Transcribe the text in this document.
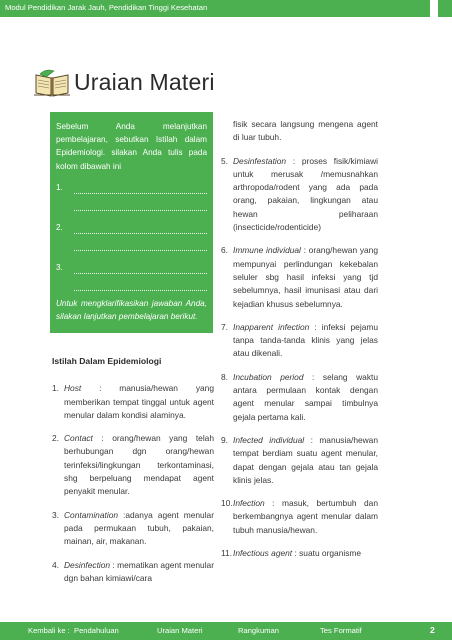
Modul Pendidikan Jarak Jauh, Pendidikan Tinggi Kesehatan
Uraian Materi

Sebelum Anda melanjutkan pembelajaran, sebutkan Istilah dalam Epidemiologi. silakan Anda tulis pada kolom dibawah ini

1.
2.
3.

Untuk mengklarifikasikan jawaban Anda, silakan lanjutkan pembelajaran berikut.

Istilah Dalam Epidemiologi
1. Host : manusia/hewan yang memberikan tempat tinggal untuk agent menular dalam kondisi alaminya.
2. Contact : orang/hewan yang telah berhubungan dgn orang/hewan terinfeksi/lingkungan terkontaminasi, shg berpeluang mendapat agent penyakit menular.
3. Contamination :adanya agent menular pada permukaan tubuh, pakaian, mainan, air, makanan.
4. Desinfection : mematikan agent menular dgn bahan kimiawi/cara

fisik secara langsung mengena agent di luar tubuh.

5. Desinfestation : proses fisik/kimiawi untuk merusak /memusnahkan arthropoda/rodent yang ada pada orang, pakaian, lingkungan atau hewan peliharaan (insecticide/rodenticide)
6. Immune individual : orang/hewan yang mempunyai perlindungan kekebalan seluler sbg hasil infeksi yang tjd sebelumnya, hasil imunisasi atau dari kejadian khusus sebelumnya.
7. Inapparent infection : infeksi pejamu tanpa tanda-tanda klinis yang jelas atau dikenali.
8. Incubation period : selang waktu antara permulaan kontak dengan agent menular sampai timbulnya gejala pertama kali.
9. Infected individual : manusia/hewan tempat berdiam suatu agent menular, dapat dengan gejala atau tan gejala klinis jelas.
10. Infection : masuk, bertumbuh dan berkembangnya agent menular dalam tubuh manusia/hewan.
11. Infectious agent : suatu organisme
Kembali ke : Pendahuluan	Uraian Materi	Rangkuman	Tes Formatif	2
